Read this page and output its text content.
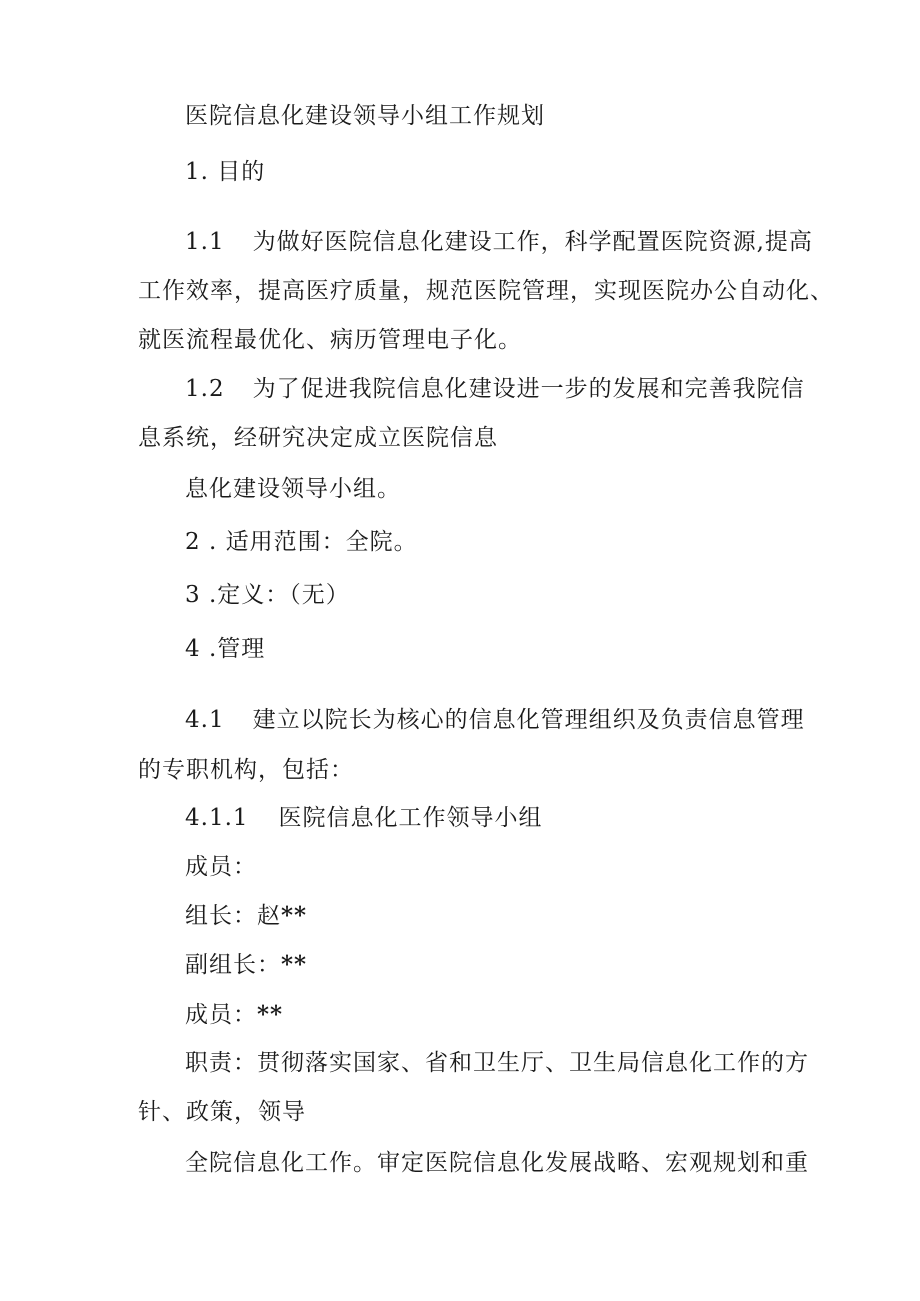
医院信息化建设领导小组工作规划
1. 目的
1.1 为做好医院信息化建设工作，科学配置医院资源,提高
工作效率，提高医疗质量，规范医院管理，实现医院办公自动化、
就医流程最优化、病历管理电子化。
1.2 为了促进我院信息化建设进一步的发展和完善我院信
息系统，经研究决定成立医院信息
息化建设领导小组。
2 . 适用范围：全院。
3 .定义：（无）
4 .管理
4.1 建立以院长为核心的信息化管理组织及负责信息管理
的专职机构，包括：
4.1.1 医院信息化工作领导小组
成员：
组长：赵**
副组长：**
成员：**
职责：贯彻落实国家、省和卫生厅、卫生局信息化工作的方
针、政策，领导
全院信息化工作。审定医院信息化发展战略、宏观规划和重
